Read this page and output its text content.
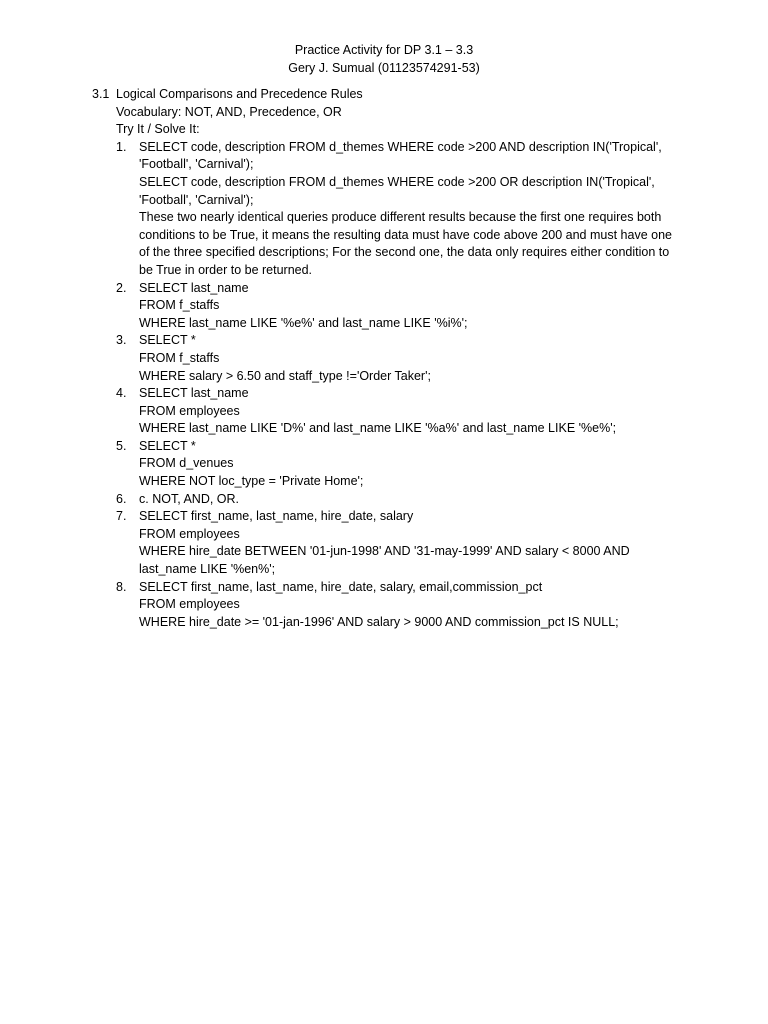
Practice Activity for DP 3.1 – 3.3
Gery J. Sumual (01123574291-53)
3.1 Logical Comparisons and Precedence Rules
Vocabulary: NOT, AND, Precedence, OR
Try It / Solve It:
1.	SELECT code, description FROM d_themes WHERE code >200 AND description IN('Tropical',
'Football', 'Carnival');
SELECT code, description FROM d_themes WHERE code >200 OR description IN('Tropical',
'Football', 'Carnival');
These two nearly identical queries produce different results because the first one requires both conditions to be True, it means the resulting data must have code above 200 and must have one of the three specified descriptions; For the second one, the data only requires either condition to be True in order to be returned.
2.	SELECT last_name
FROM f_staffs
WHERE last_name LIKE '%e%' and last_name LIKE '%i%';
3.	SELECT *
FROM f_staffs
WHERE salary > 6.50 and staff_type !='Order Taker';
4.	SELECT last_name
FROM employees
WHERE last_name LIKE 'D%' and last_name LIKE '%a%' and last_name LIKE '%e%';
5.	SELECT *
FROM d_venues
WHERE NOT loc_type = 'Private Home';
6.	c. NOT, AND, OR.
7.	SELECT first_name, last_name, hire_date, salary
FROM employees
WHERE hire_date BETWEEN '01-jun-1998' AND '31-may-1999' AND salary < 8000 AND
last_name LIKE '%en%';
8.	SELECT first_name, last_name, hire_date, salary, email,commission_pct
FROM employees
WHERE hire_date >= '01-jan-1996' AND salary > 9000 AND commission_pct IS NULL;
